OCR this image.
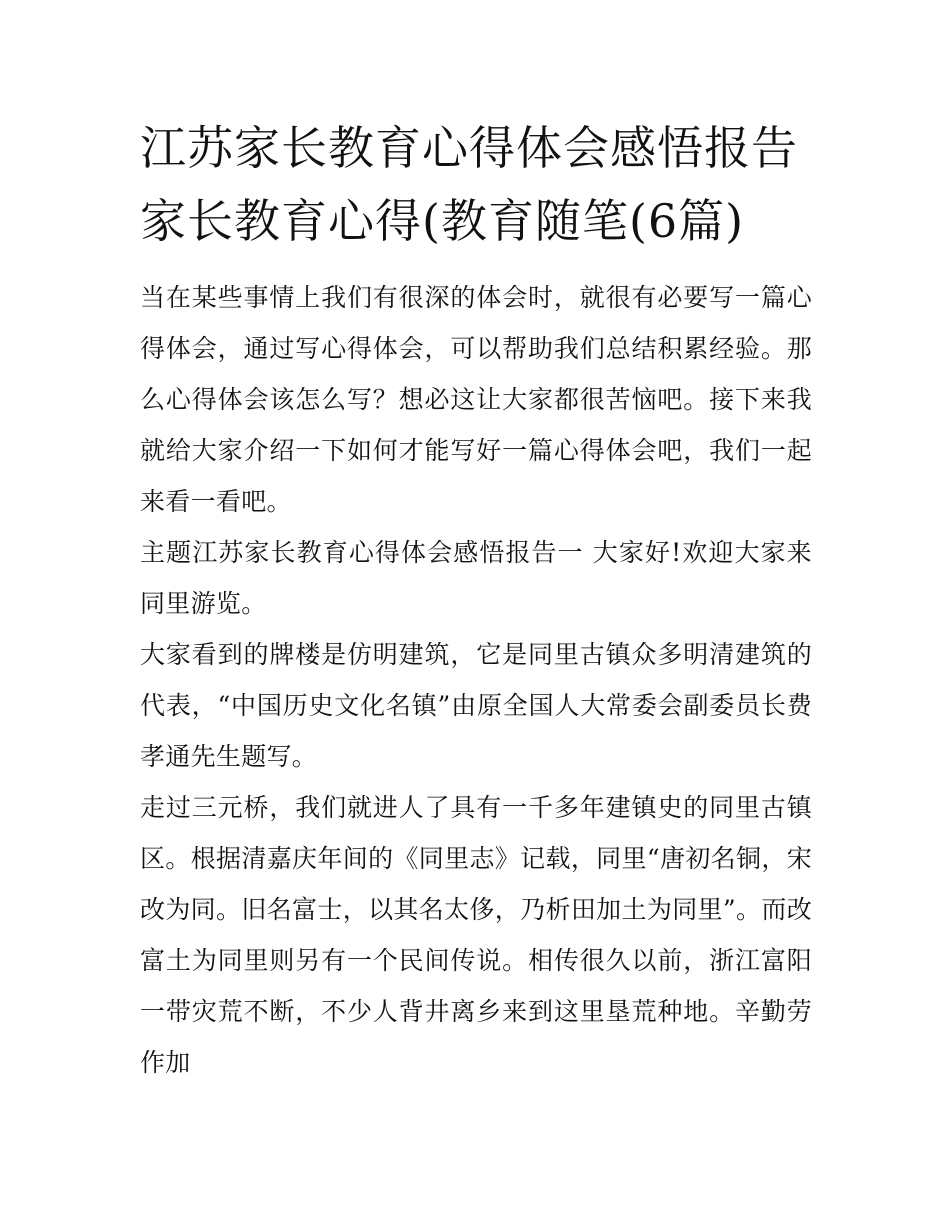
江苏家长教育心得体会感悟报告 家长教育心得(教育随笔(6篇)

当在某些事情上我们有很深的体会时，就很有必要写一篇心得体会，通过写心得体会，可以帮助我们总结积累经验。那么心得体会该怎么写？想必这让大家都很苦恼吧。接下来我就给大家介绍一下如何才能写好一篇心得体会吧，我们一起来看一看吧。

主题江苏家长教育心得体会感悟报告一 大家好!欢迎大家来同里游览。

大家看到的牌楼是仿明建筑，它是同里古镇众多明清建筑的代表，“中国历史文化名镇”由原全国人大常委会副委员长费孝通先生题写。

走过三元桥，我们就进人了具有一千多年建镇史的同里古镇区。根据清嘉庆年间的《同里志》记载，同里“唐初名铜，宋改为同。旧名富士，以其名太侈，乃析田加土为同里”。而改富土为同里则另有一个民间传说。相传很久以前，浙江富阳一带灾荒不断，不少人背井离乡来到这里垦荒种地。辛勤劳作加
